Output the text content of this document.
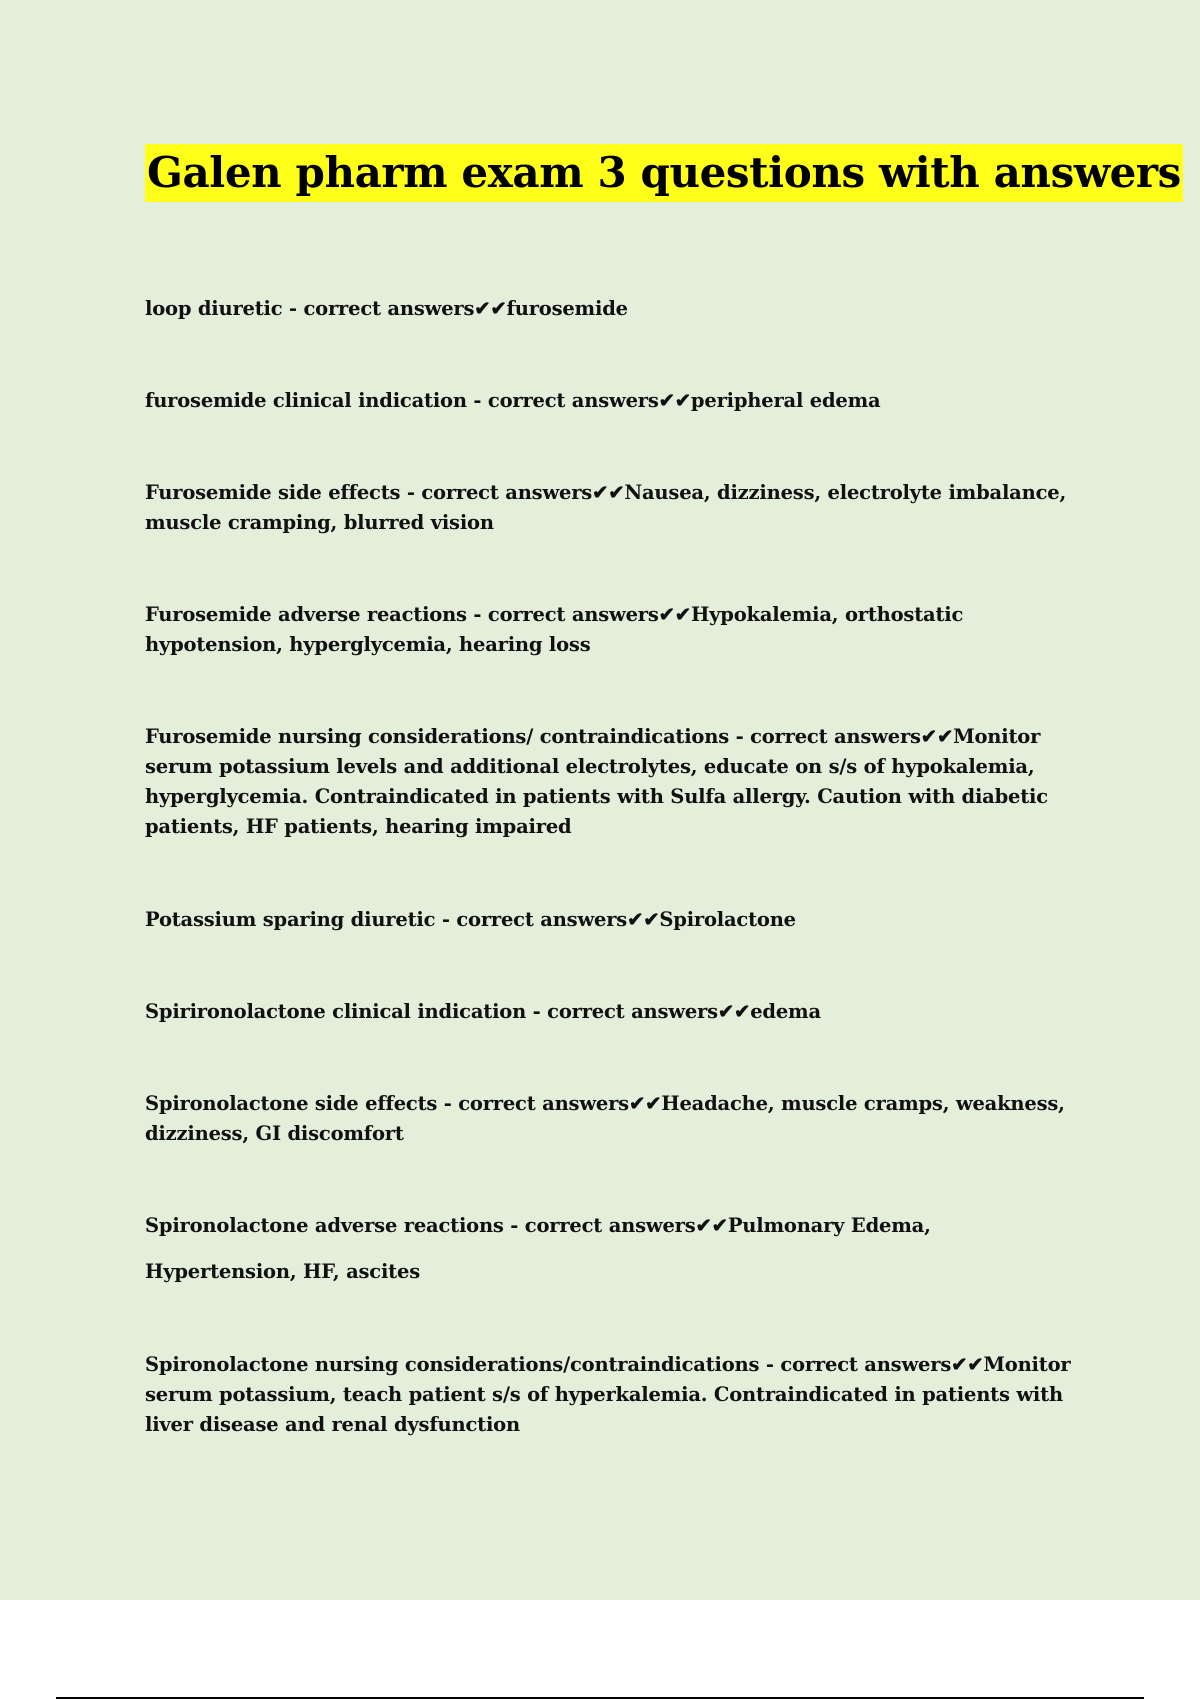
Galen pharm exam 3 questions with answers

loop diuretic - correct answers✔✔furosemide

furosemide clinical indication - correct answers✔✔peripheral edema

Furosemide side effects - correct answers✔✔Nausea, dizziness, electrolyte imbalance, muscle cramping, blurred vision

Furosemide adverse reactions - correct answers✔✔Hypokalemia, orthostatic hypotension, hyperglycemia, hearing loss

Furosemide nursing considerations/ contraindications - correct answers✔✔Monitor serum potassium levels and additional electrolytes, educate on s/s of hypokalemia, hyperglycemia. Contraindicated in patients with Sulfa allergy. Caution with diabetic patients, HF patients, hearing impaired

Potassium sparing diuretic - correct answers✔✔Spirolactone

Spirironolactone clinical indication - correct answers✔✔edema

Spironolactone side effects - correct answers✔✔Headache, muscle cramps, weakness, dizziness, GI discomfort

Spironolactone adverse reactions - correct answers✔✔Pulmonary Edema,
Hypertension, HF, ascites

Spironolactone nursing considerations/contraindications - correct answers✔✔Monitor serum potassium, teach patient s/s of hyperkalemia. Contraindicated in patients with liver disease and renal dysfunction
